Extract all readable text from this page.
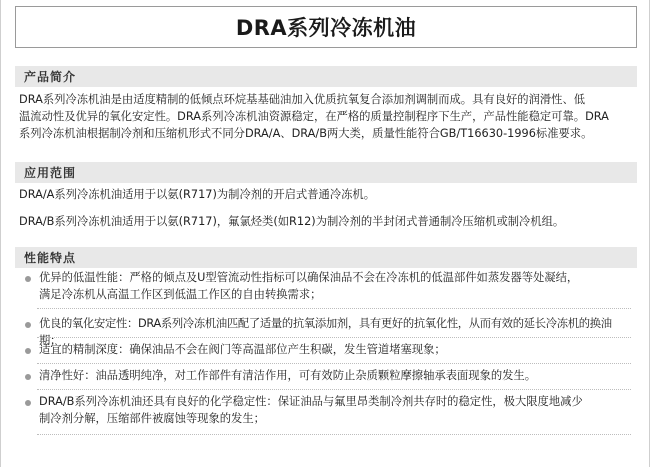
DRA系列冷冻机油
产品简介
DRA系列冷冻机油是由适度精制的低倾点环烷基基础油加入优质抗氧复合添加剂调制而成。具有良好的润滑性、低
温流动性及优异的氧化安定性。DRA系列冷冻机油资源稳定，在严格的质量控制程序下生产，产品性能稳定可靠。DRA
系列冷冻机油根据制冷剂和压缩机形式不同分DRA/A、DRA/B两大类，质量性能符合GB/T16630-1996标准要求。
应用范围
DRA/A系列冷冻机油适用于以氨(R717)为制冷剂的开启式普通冷冻机。
DRA/B系列冷冻机油适用于以氨(R717)，氟氯烃类(如R12)为制冷剂的半封闭式普通制冷压缩机或制冷机组。
性能特点
优异的低温性能：严格的倾点及U型管流动性指标可以确保油品不会在冷冻机的低温部件如蒸发器等处凝结，
满足冷冻机从高温工作区到低温工作区的自由转换需求；
优良的氧化安定性：DRA系列冷冻机油匹配了适量的抗氧添加剂，具有更好的抗氧化性，从而有效的延长冷冻机的换油期；
适宜的精制深度：确保油品不会在阀门等高温部位产生积碳，发生管道堵塞现象；
清净性好：油品透明纯净，对工作部件有清洁作用，可有效防止杂质颗粒摩擦轴承表面现象的发生。
DRA/B系列冷冻机油还具有良好的化学稳定性：保证油品与氟里昂类制冷剂共存时的稳定性，极大限度地减少
制冷剂分解，压缩部件被腐蚀等现象的发生；
